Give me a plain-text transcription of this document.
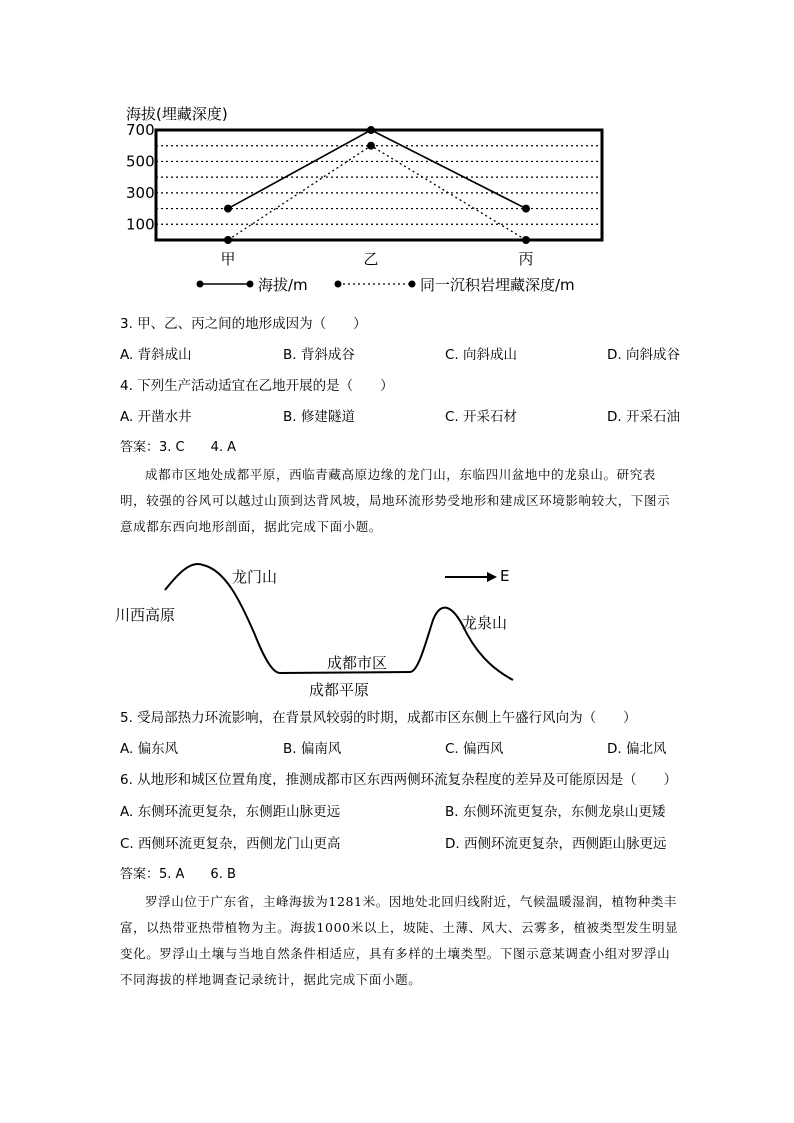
海拔(埋藏深度)
700
500
300
100
甲	乙	丙
海拔/m	同一沉积岩埋藏深度/m
3. 甲、乙、丙之间的地形成因为（　　）
A. 背斜成山	B. 背斜成谷	C. 向斜成山	D. 向斜成谷
4. 下列生产活动适宜在乙地开展的是（　　）
A. 开凿水井	B. 修建隧道	C. 开采石材	D. 开采石油
答案：3. C　　4. A
成都市区地处成都平原，西临青藏高原边缘的龙门山，东临四川盆地中的龙泉山。研究表明，较强的谷风可以越过山顶到达背风坡，局地环流形势受地形和建成区环境影响较大，下图示意成都东西向地形剖面，据此完成下面小题。
川西高原
龙门山	E
龙泉山
成都市区
成都平原
5. 受局部热力环流影响，在背景风较弱的时期，成都市区东侧上午盛行风向为（　　）
A. 偏东风	B. 偏南风	C. 偏西风	D. 偏北风
6. 从地形和城区位置角度，推测成都市区东西两侧环流复杂程度的差异及可能原因是（　　）
A. 东侧环流更复杂，东侧距山脉更远	B. 东侧环流更复杂，东侧龙泉山更矮
C. 西侧环流更复杂，西侧龙门山更高	D. 西侧环流更复杂，西侧距山脉更远
答案：5. A　　6. B
罗浮山位于广东省，主峰海拔为1281米。因地处北回归线附近，气候温暖湿润，植物种类丰富，以热带亚热带植物为主。海拔1000米以上，坡陡、土薄、风大、云雾多，植被类型发生明显变化。罗浮山土壤与当地自然条件相适应，具有多样的土壤类型。下图示意某调查小组对罗浮山不同海拔的样地调查记录统计，据此完成下面小题。
